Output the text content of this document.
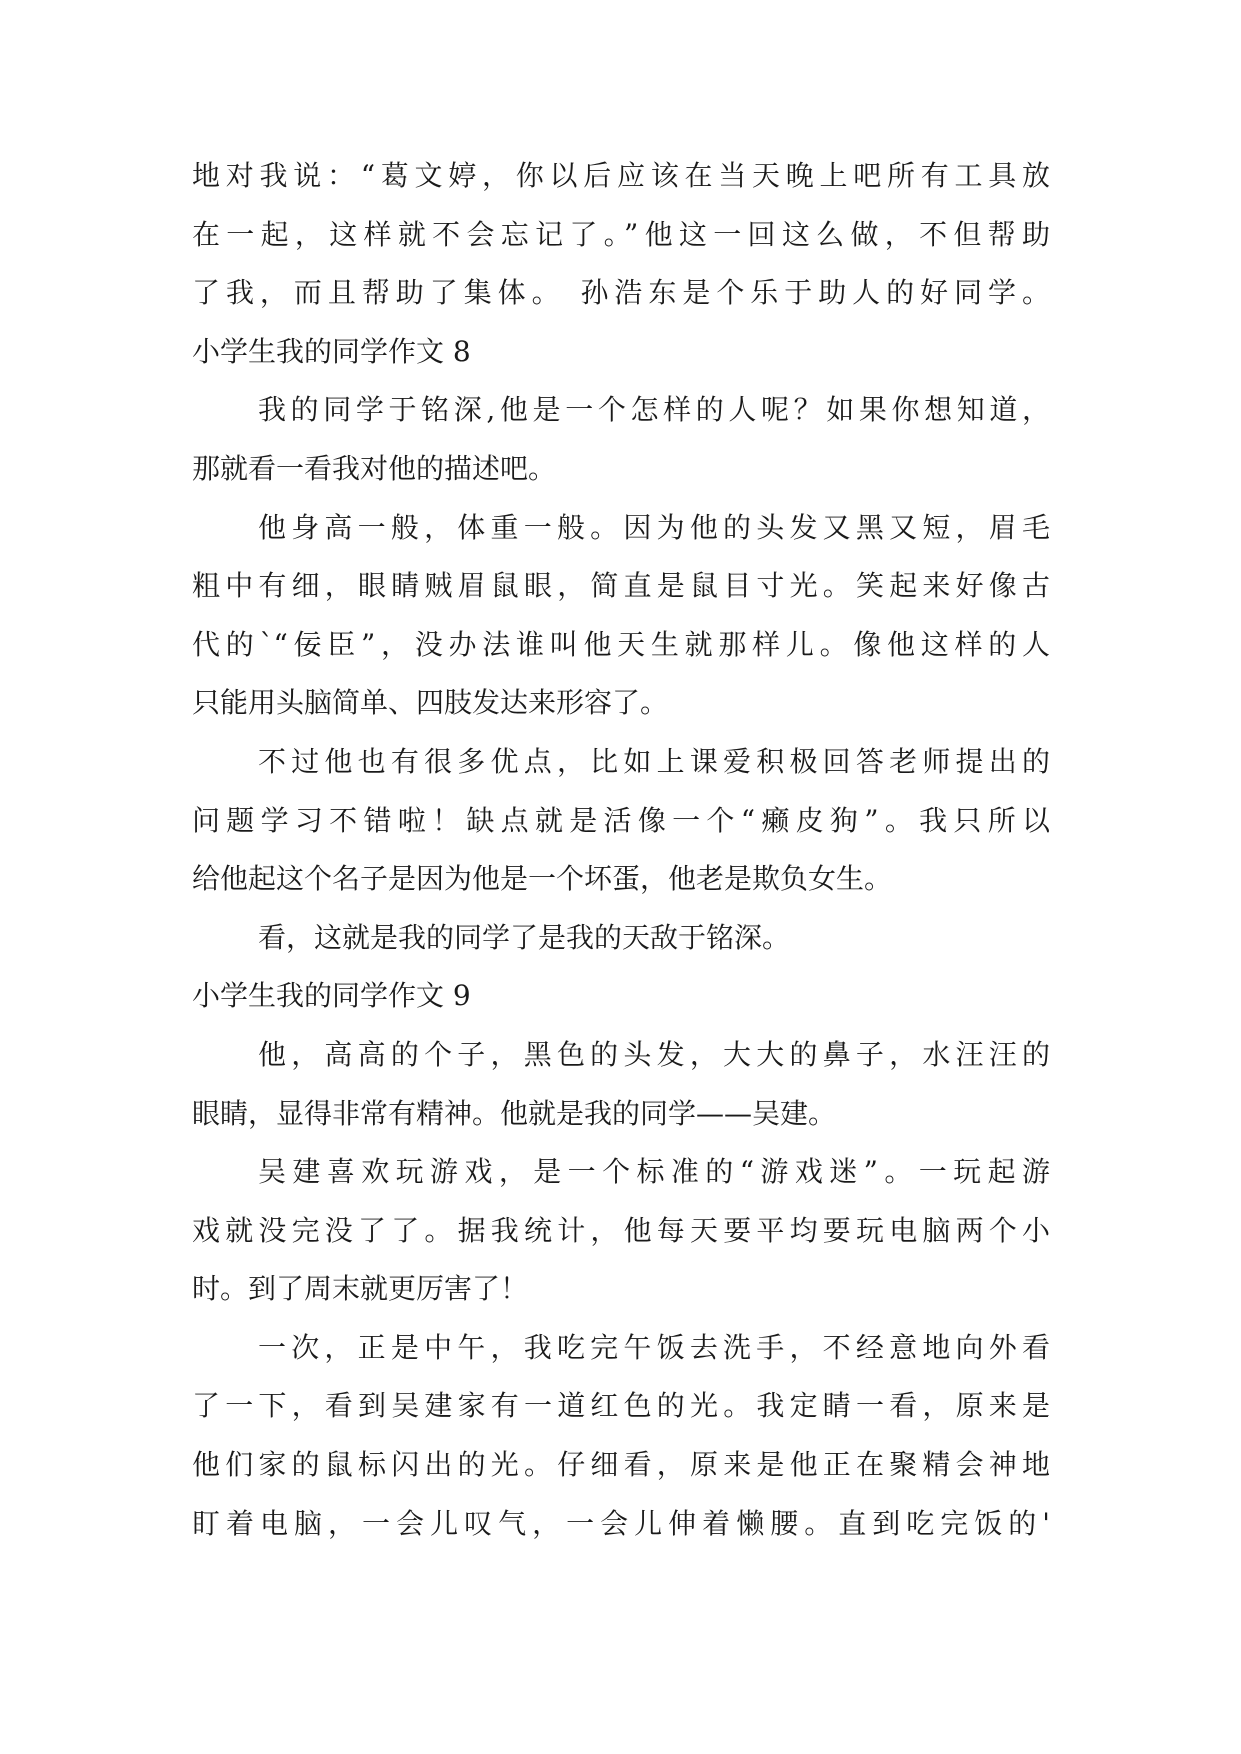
地对我说：“葛文婷，你以后应该在当天晚上吧所有工具放
在一起，这样就不会忘记了。”他这一回这么做，不但帮助
了我，而且帮助了集体。 孙浩东是个乐于助人的好同学。
小学生我的同学作文 8
我的同学于铭深,他是一个怎样的人呢？如果你想知道，
那就看一看我对他的描述吧。
他身高一般，体重一般。因为他的头发又黑又短，眉毛
粗中有细，眼睛贼眉鼠眼，简直是鼠目寸光。笑起来好像古
代的`“佞臣”，没办法谁叫他天生就那样儿。像他这样的人
只能用头脑简单、四肢发达来形容了。
不过他也有很多优点，比如上课爱积极回答老师提出的
问题学习不错啦！缺点就是活像一个“癞皮狗”。我只所以
给他起这个名子是因为他是一个坏蛋，他老是欺负女生。
看，这就是我的同学了是我的天敌于铭深。
小学生我的同学作文 9
他，高高的个子，黑色的头发，大大的鼻子，水汪汪的
眼睛，显得非常有精神。他就是我的同学——吴建。
吴建喜欢玩游戏，是一个标准的“游戏迷”。一玩起游
戏就没完没了了。据我统计，他每天要平均要玩电脑两个小
时。到了周末就更厉害了！
一次，正是中午，我吃完午饭去洗手，不经意地向外看
了一下，看到吴建家有一道红色的光。我定睛一看，原来是
他们家的鼠标闪出的光。仔细看，原来是他正在聚精会神地
盯着电脑，一会儿叹气，一会儿伸着懒腰。直到吃完饭的'
